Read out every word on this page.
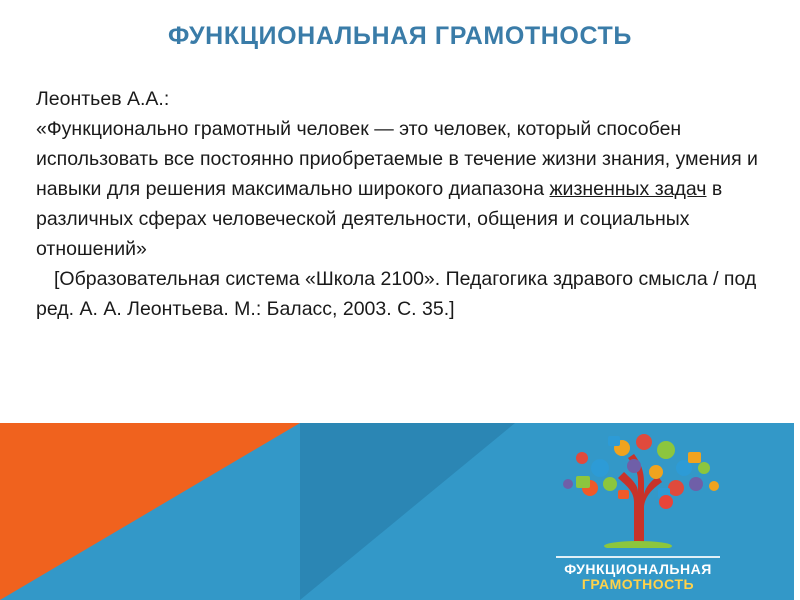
ФУНКЦИОНАЛЬНАЯ ГРАМОТНОСТЬ

Леонтьев А.А.:

«Функционально грамотный человек — это человек, который способен использовать все постоянно приобретаемые в течение жизни знания, умения и навыки для решения максимально широкого диапазона жизненных задач в различных сферах человеческой деятельности, общения и социальных отношений»

[Образовательная система «Школа 2100». Педагогика здравого смысла / под ред. А. А. Леонтьева. М.: Баласс, 2003. С. 35.]

ФУНКЦИОНАЛЬНАЯ
ГРАМОТНОСТЬ
